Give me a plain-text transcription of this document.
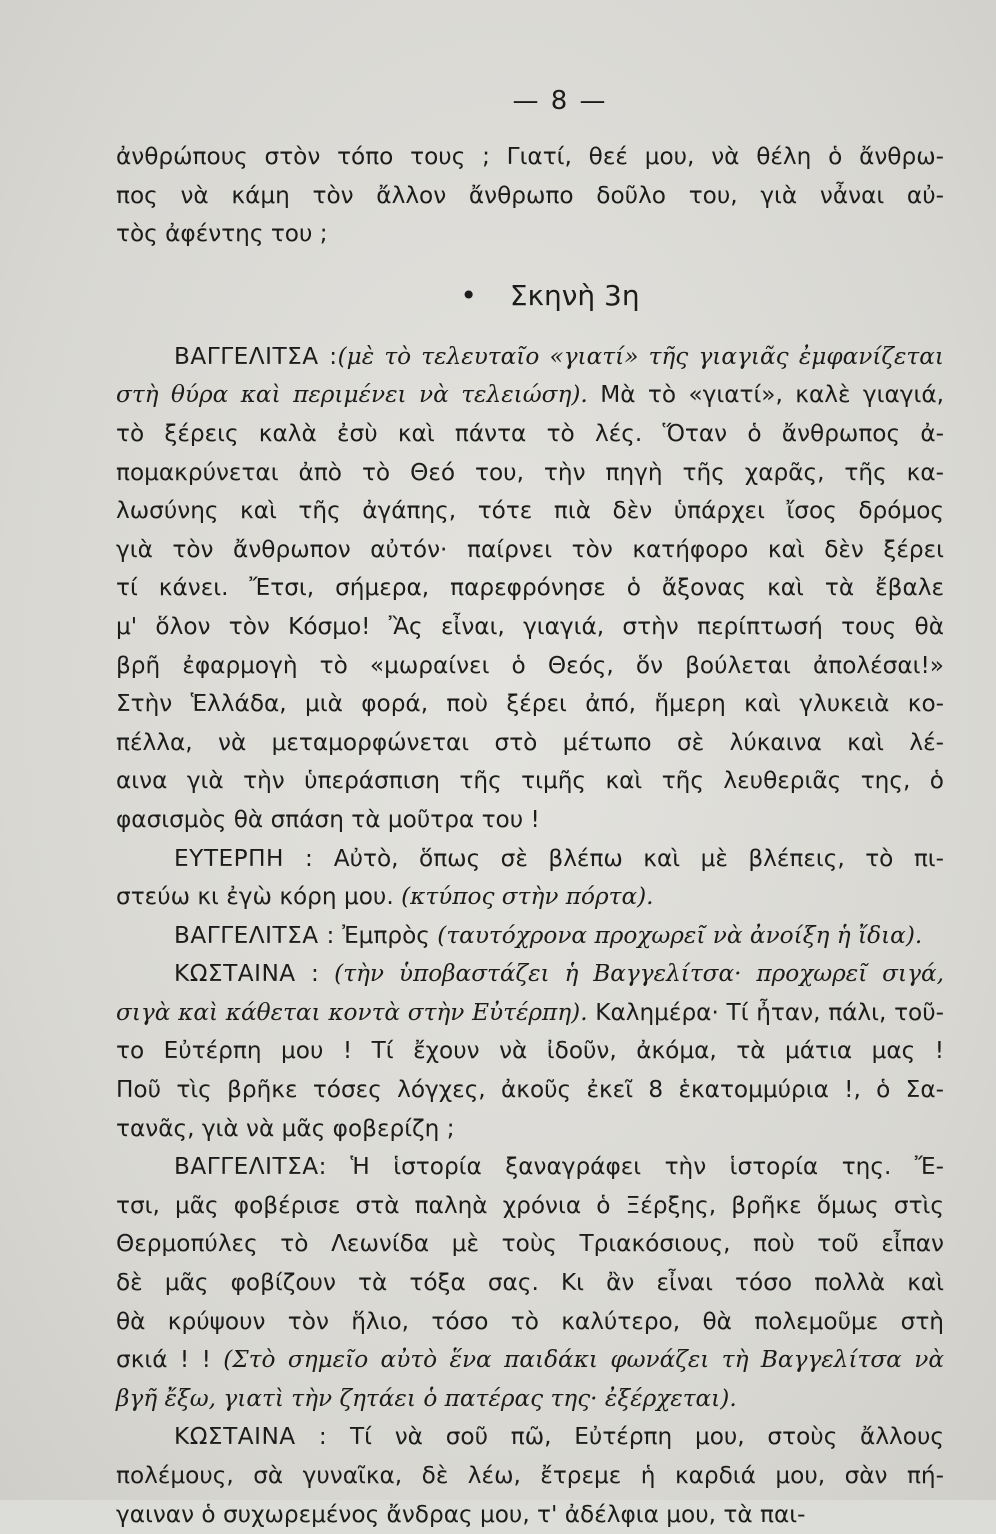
— 8 —
ἀνθρώπους στὸν τόπο τους ; Γιατί, θεέ μου, νὰ θέλη ὁ ἄνθρω-
πος νὰ κάμη τὸν ἄλλον ἄνθρωπο δοῦλο του, γιὰ νἆναι αὐ-
τὸς ἀφέντης του ;
• Σκηνὴ 3η
ΒΑΓΓΕΛΙΤΣΑ :(μὲ τὸ τελευταῖο «γιατί» τῆς γιαγιᾶς ἐμφανίζεται
στὴ θύρα καὶ περιμένει νὰ τελειώση). Μὰ τὸ «γιατί», καλὲ γιαγιά,
τὸ ξέρεις καλὰ ἐσὺ καὶ πάντα τὸ λές. Ὅταν ὁ ἄνθρωπος ἀ-
πομακρύνεται ἀπὸ τὸ Θεό του, τὴν πηγὴ τῆς χαρᾶς, τῆς κα-
λωσύνης καὶ τῆς ἀγάπης, τότε πιὰ δὲν ὑπάρχει ἴσος δρόμος
γιὰ τὸν ἄνθρωπον αὐτόν· παίρνει τὸν κατήφορο καὶ δὲν ξέρει
τί κάνει. Ἔτσι, σήμερα, παρεφρόνησε ὁ ἄξονας καὶ τὰ ἔβαλε
μ' ὅλον τὸν Κόσμο! Ἂς εἶναι, γιαγιά, στὴν περίπτωσή τους θὰ
βρῆ ἐφαρμογὴ τὸ «μωραίνει ὁ Θεός, ὅν βούλεται ἀπολέσαι!»
Στὴν Ἑλλάδα, μιὰ φορά, ποὺ ξέρει ἀπό, ἥμερη καὶ γλυκειὰ κο-
πέλλα, νὰ μεταμορφώνεται στὸ μέτωπο σὲ λύκαινα καὶ λέ-
αινα γιὰ τὴν ὑπεράσπιση τῆς τιμῆς καὶ τῆς λευθεριᾶς της, ὁ
φασισμὸς θὰ σπάση τὰ μοῦτρα του !
ΕΥΤΕΡΠΗ : Αὐτὸ, ὅπως σὲ βλέπω καὶ μὲ βλέπεις, τὸ πι-
στεύω κι ἐγὼ κόρη μου. (κτύπος στὴν πόρτα).
ΒΑΓΓΕΛΙΤΣΑ : Ἐμπρὸς (ταυτόχρονα προχωρεῖ νὰ ἀνοίξη ἡ ἴδια).
ΚΩΣΤΑΙΝΑ : (τὴν ὑποβαστάζει ἡ Βαγγελίτσα· προχωρεῖ σιγά,
σιγὰ καὶ κάθεται κοντὰ στὴν Εὐτέρπη). Καλημέρα· Τί ἦταν, πάλι, τοῦ-
το Εὐτέρπη μου ! Τί ἔχουν νὰ ἰδοῦν, ἀκόμα, τὰ μάτια μας !
Ποῦ τὶς βρῆκε τόσες λόγχες, ἀκοῦς ἐκεῖ 8 ἑκατομμύρια !, ὁ Σα-
τανᾶς, γιὰ νὰ μᾶς φοβερίζη ;
ΒΑΓΓΕΛΙΤΣΑ: Ἡ ἱστορία ξαναγράφει τὴν ἱστορία της. Ἔ-
τσι, μᾶς φοβέρισε στὰ παληὰ χρόνια ὁ Ξέρξης, βρῆκε ὅμως στὶς
Θερμοπύλες τὸ Λεωνίδα μὲ τοὺς Τριακόσιους, ποὺ τοῦ εἶπαν
δὲ μᾶς φοβίζουν τὰ τόξα σας. Κι ἂν εἶναι τόσο πολλὰ καὶ
θὰ κρύψουν τὸν ἥλιο, τόσο τὸ καλύτερο, θὰ πολεμοῦμε στὴ
σκιά ! ! (Στὸ σημεῖο αὐτὸ ἕνα παιδάκι φωνάζει τὴ Βαγγελίτσα νὰ
βγῆ ἔξω, γιατὶ τὴν ζητάει ὁ πατέρας της· ἐξέρχεται).
ΚΩΣΤΑΙΝΑ : Τί νὰ σοῦ πῶ, Εὐτέρπη μου, στοὺς ἄλλους
πολέμους, σὰ γυναῖκα, δὲ λέω, ἔτρεμε ἡ καρδιά μου, σὰν πή-
γαιναν ὁ συχωρεμένος ἄνδρας μου, τ' ἀδέλφια μου, τὰ παι-
